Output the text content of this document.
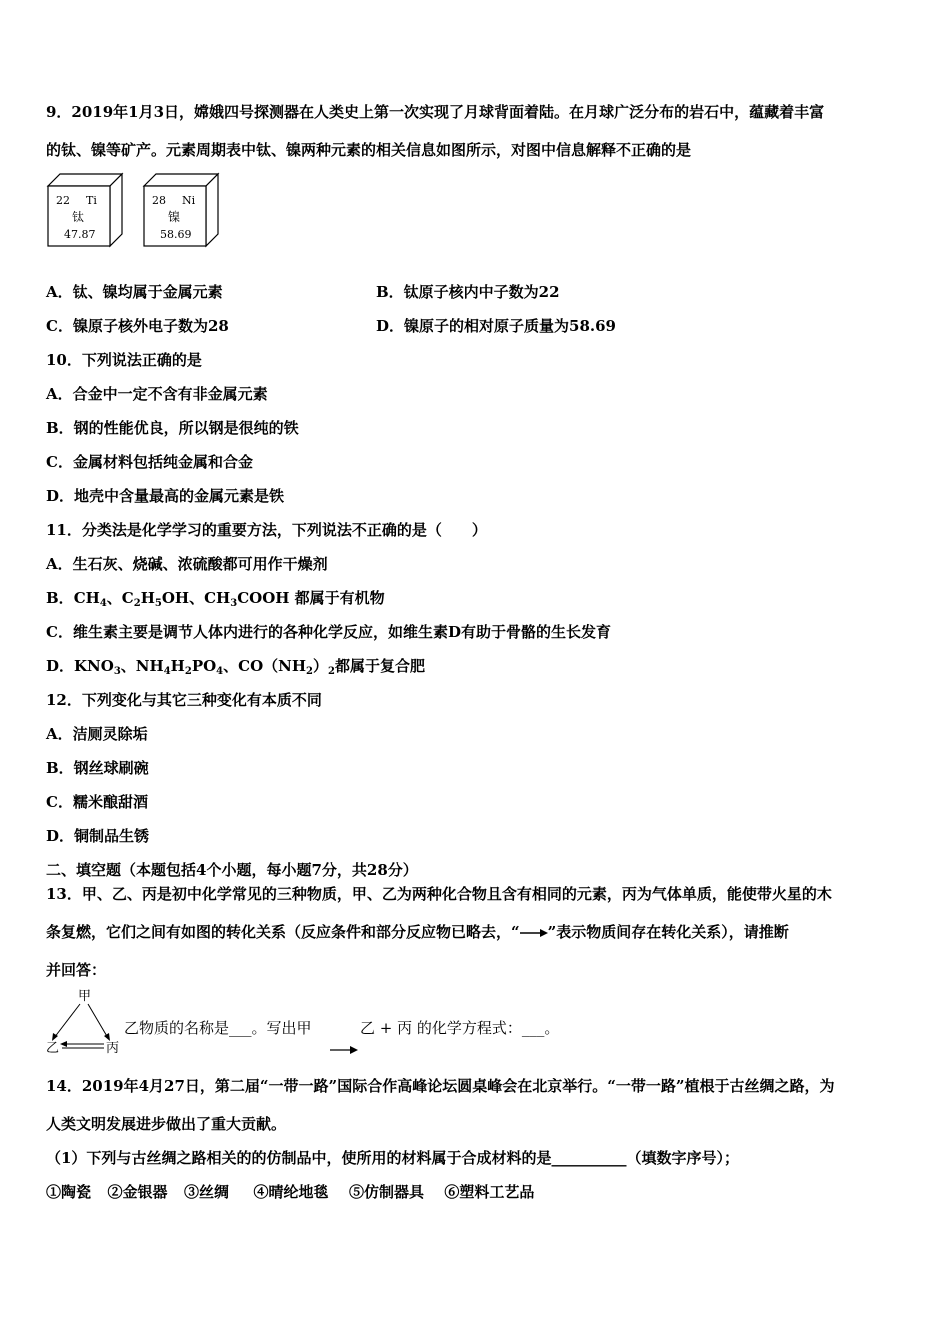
9．2019年1月3日，嫦娥四号探测器在人类史上第一次实现了月球背面着陆。在月球广泛分布的岩石中，蕴藏着丰富
的钛、镍等矿产。元素周期表中钛、镍两种元素的相关信息如图所示，对图中信息解释不正确的是
22 Ti
钛
47.87
28 Ni
镍
58.69
A．钛、镍均属于金属元素	B．钛原子核内中子数为22
C．镍原子核外电子数为28	D．镍原子的相对原子质量为58.69
10．下列说法正确的是
A．合金中一定不含有非金属元素
B．钢的性能优良，所以钢是很纯的铁
C．金属材料包括纯金属和合金
D．地壳中含量最高的金属元素是铁
11．分类法是化学学习的重要方法，下列说法不正确的是（　　）
A．生石灰、烧碱、浓硫酸都可用作干燥剂
B．$CH_4$、$C_2H_5OH$、$CH_3COOH$ 都属于有机物
C．维生素主要是调节人体内进行的各种化学反应，如维生素D有助于骨骼的生长发育
D．$KNO_3$、$NH_4H_2PO_4$、$CO(NH_2)_2$都属于复合肥
12．下列变化与其它三种变化有本质不同
A．洁厕灵除垢
B．钢丝球刷碗
C．糯米酿甜酒
D．铜制品生锈
二、填空题（本题包括4个小题，每小题7分，共28分）
13．甲、乙、丙是初中化学常见的三种物质，甲、乙为两种化合物且含有相同的元素，丙为气体单质，能使带火星的木
条复燃，它们之间有如图的转化关系（反应条件和部分反应物已略去，“ ”表示物质间存在转化关系），请推断
并回答：
甲
乙	丙
乙物质的名称是___。写出甲	乙 + 丙 的化学方程式：___。
14．2019年4月27日，第二届“一带一路”国际合作高峰论坛圆桌峰会在北京举行。“一带一路”植根于古丝绸之路，为
人类文明发展进步做出了重大贡献。
（1）下列与古丝绸之路相关的的仿制品中，使所用的材料属于合成材料的是__________（填数字序号）；
①陶瓷 ②金银器 ③丝绸 ④晴纶地毯 ⑤仿制器具 ⑥塑料工艺品
